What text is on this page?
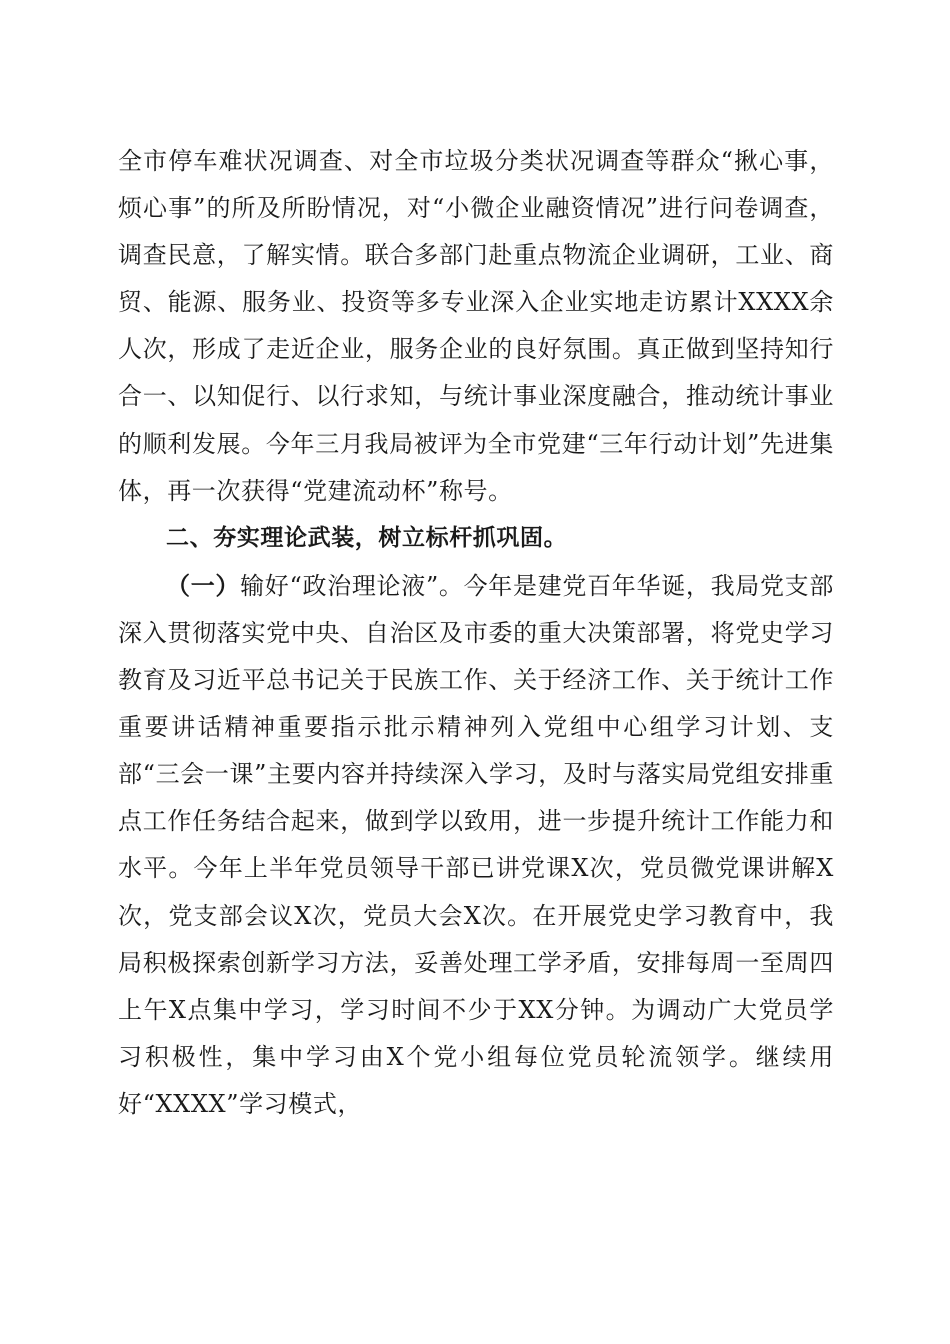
全市停车难状况调查、对全市垃圾分类状况调查等群众“揪心事，烦心事”的所及所盼情况，对“小微企业融资情况”进行问卷调查，调查民意，了解实情。联合多部门赴重点物流企业调研，工业、商贸、能源、服务业、投资等多专业深入企业实地走访累计XXXX余人次，形成了走近企业，服务企业的良好氛围。真正做到坚持知行合一、以知促行、以行求知，与统计事业深度融合，推动统计事业的顺利发展。今年三月我局被评为全市党建“三年行动计划”先进集体，再一次获得“党建流动杯”称号。

二、夯实理论武装，树立标杆抓巩固。

（一）输好“政治理论液”。今年是建党百年华诞，我局党支部深入贯彻落实党中央、自治区及市委的重大决策部署，将党史学习教育及习近平总书记关于民族工作、关于经济工作、关于统计工作重要讲话精神重要指示批示精神列入党组中心组学习计划、支部“三会一课”主要内容并持续深入学习，及时与落实局党组安排重点工作任务结合起来，做到学以致用，进一步提升统计工作能力和水平。今年上半年党员领导干部已讲党课X次，党员微党课讲解X次，党支部会议X次，党员大会X次。在开展党史学习教育中，我局积极探索创新学习方法，妥善处理工学矛盾，安排每周一至周四上午X点集中学习，学习时间不少于XX分钟。为调动广大党员学习积极性，集中学习由X个党小组每位党员轮流领学。继续用好“XXXX”学习模式，
